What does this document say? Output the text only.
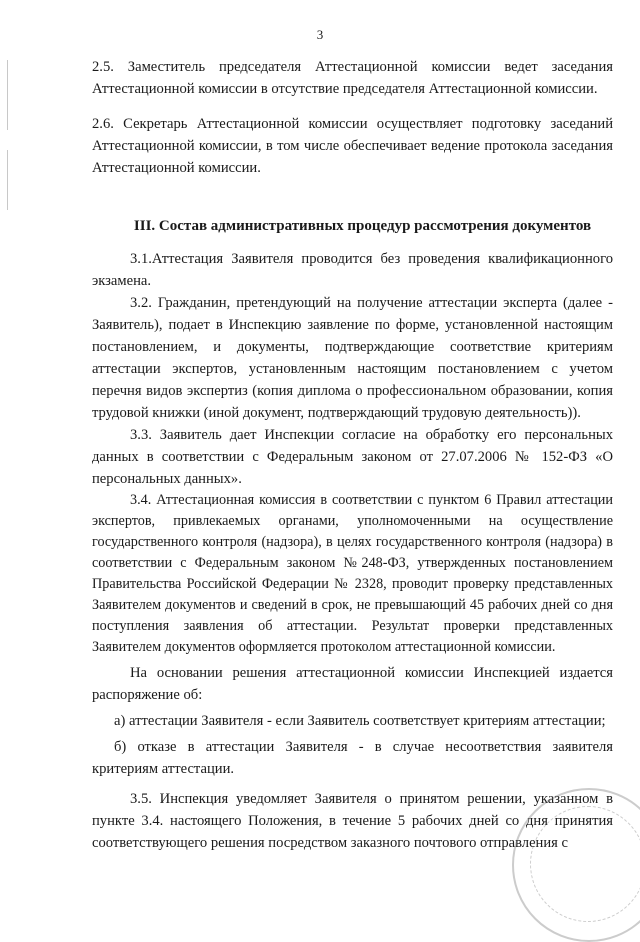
3

2.5. Заместитель председателя Аттестационной комиссии ведет заседания Аттестационной комиссии в отсутствие председателя Аттестационной комиссии.

2.6. Секретарь Аттестационной комиссии осуществляет подготовку заседаний Аттестационной комиссии, в том числе обеспечивает ведение протокола заседания Аттестационной комиссии.

III. Состав административных процедур рассмотрения документов

3.1.Аттестация Заявителя проводится без проведения квалификационного экзамена.

3.2. Гражданин, претендующий на получение аттестации эксперта (далее - Заявитель), подает в Инспекцию заявление по форме, установленной настоящим постановлением, и документы, подтверждающие соответствие критериям аттестации экспертов, установленным настоящим постановлением с учетом перечня видов экспертиз (копия диплома о профессиональном образовании, копия трудовой книжки (иной документ, подтверждающий трудовую деятельность)).

3.3. Заявитель дает Инспекции согласие на обработку его персональных данных в соответствии с Федеральным законом от 27.07.2006 № 152-ФЗ «О персональных данных».

3.4. Аттестационная комиссия в соответствии с пунктом 6 Правил аттестации экспертов, привлекаемых органами, уполномоченными на осуществление государственного контроля (надзора), в целях государственного контроля (надзора) в соответствии с Федеральным законом №248-ФЗ, утвержденных постановлением Правительства Российской Федерации № 2328, проводит проверку представленных Заявителем документов и сведений в срок, не превышающий 45 рабочих дней со дня поступления заявления об аттестации. Результат проверки представленных Заявителем документов оформляется протоколом аттестационной комиссии.

На основании решения аттестационной комиссии Инспекцией издается распоряжение об:

а) аттестации Заявителя - если Заявитель соответствует критериям аттестации;

б) отказе в аттестации Заявителя - в случае несоответствия заявителя критериям аттестации.

3.5. Инспекция уведомляет Заявителя о принятом решении, указанном в пункте 3.4. настоящего Положения, в течение 5 рабочих дней со дня принятия соответствующего решения посредством заказного почтового отправления с
